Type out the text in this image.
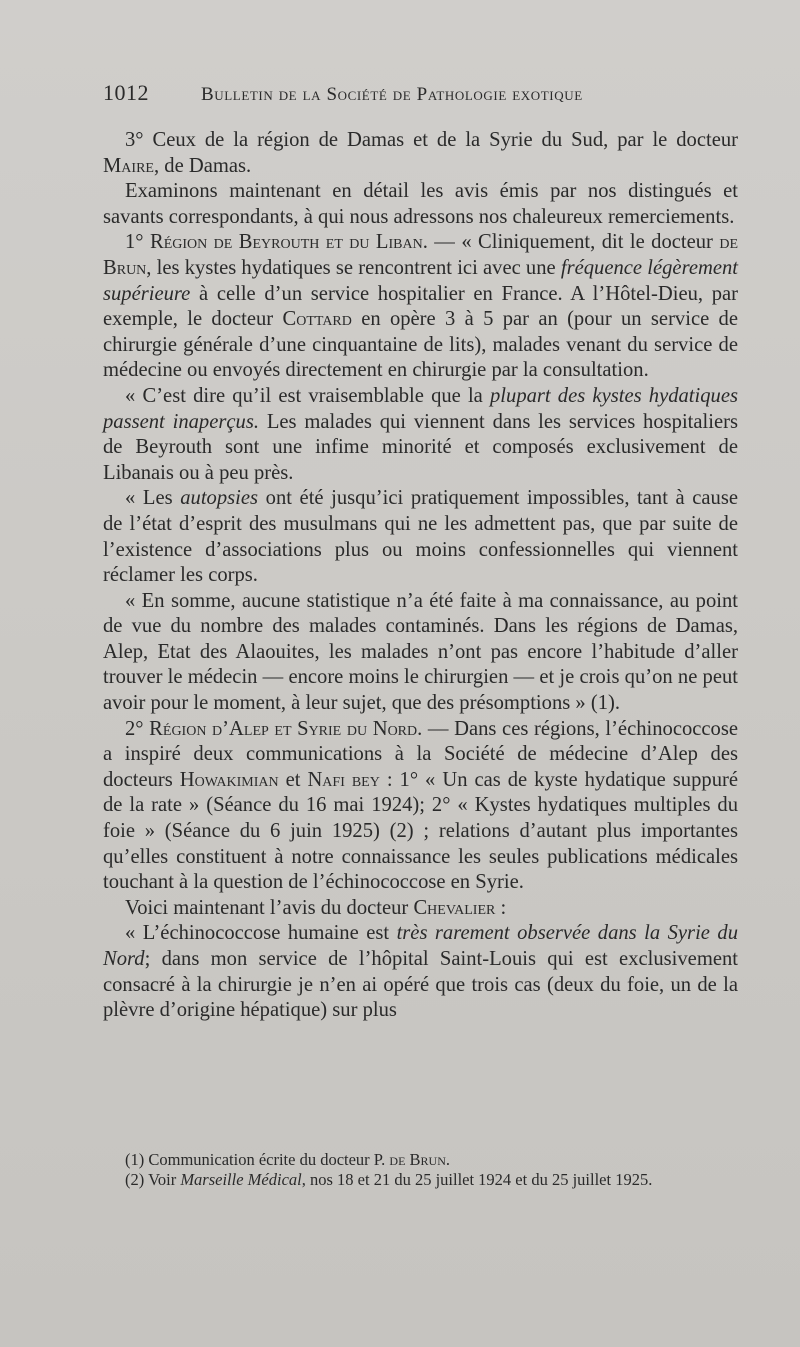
1012	Bulletin de la Société de Pathologie exotique

3° Ceux de la région de Damas et de la Syrie du Sud, par le docteur Maire, de Damas.

Examinons maintenant en détail les avis émis par nos distingués et savants correspondants, à qui nous adressons nos chaleureux remerciements.

1° Région de Beyrouth et du Liban. — « Cliniquement, dit le docteur de Brun, les kystes hydatiques se rencontrent ici avec une fréquence légèrement supérieure à celle d’un service hospitalier en France. A l’Hôtel-Dieu, par exemple, le docteur Cottard en opère 3 à 5 par an (pour un service de chirurgie générale d’une cinquantaine de lits), malades venant du service de médecine ou envoyés directement en chirurgie par la consultation.

« C’est dire qu’il est vraisemblable que la plupart des kystes hydatiques passent inaperçus. Les malades qui viennent dans les services hospitaliers de Beyrouth sont une infime minorité et composés exclusivement de Libanais ou à peu près.

« Les autopsies ont été jusqu’ici pratiquement impossibles, tant à cause de l’état d’esprit des musulmans qui ne les admettent pas, que par suite de l’existence d’associations plus ou moins confessionnelles qui viennent réclamer les corps.

« En somme, aucune statistique n’a été faite à ma connaissance, au point de vue du nombre des malades contaminés. Dans les régions de Damas, Alep, Etat des Alaouites, les malades n’ont pas encore l’habitude d’aller trouver le médecin — encore moins le chirurgien — et je crois qu’on ne peut avoir pour le moment, à leur sujet, que des présomptions » (1).

2° Région d’Alep et Syrie du Nord. — Dans ces régions, l’échinococcose a inspiré deux communications à la Société de médecine d’Alep des docteurs Howakimian et Nafi bey : 1° « Un cas de kyste hydatique suppuré de la rate » (Séance du 16 mai 1924); 2° « Kystes hydatiques multiples du foie » (Séance du 6 juin 1925) (2) ; relations d’autant plus importantes qu’elles constituent à notre connaissance les seules publications médicales touchant à la question de l’échinococcose en Syrie.

Voici maintenant l’avis du docteur Chevalier :

« L’échinococcose humaine est très rarement observée dans la Syrie du Nord; dans mon service de l’hôpital Saint-Louis qui est exclusivement consacré à la chirurgie je n’en ai opéré que trois cas (deux du foie, un de la plèvre d’origine hépatique) sur plus

(1) Communication écrite du docteur P. de Brun.

(2) Voir Marseille Médical, nos 18 et 21 du 25 juillet 1924 et du 25 juillet 1925.
